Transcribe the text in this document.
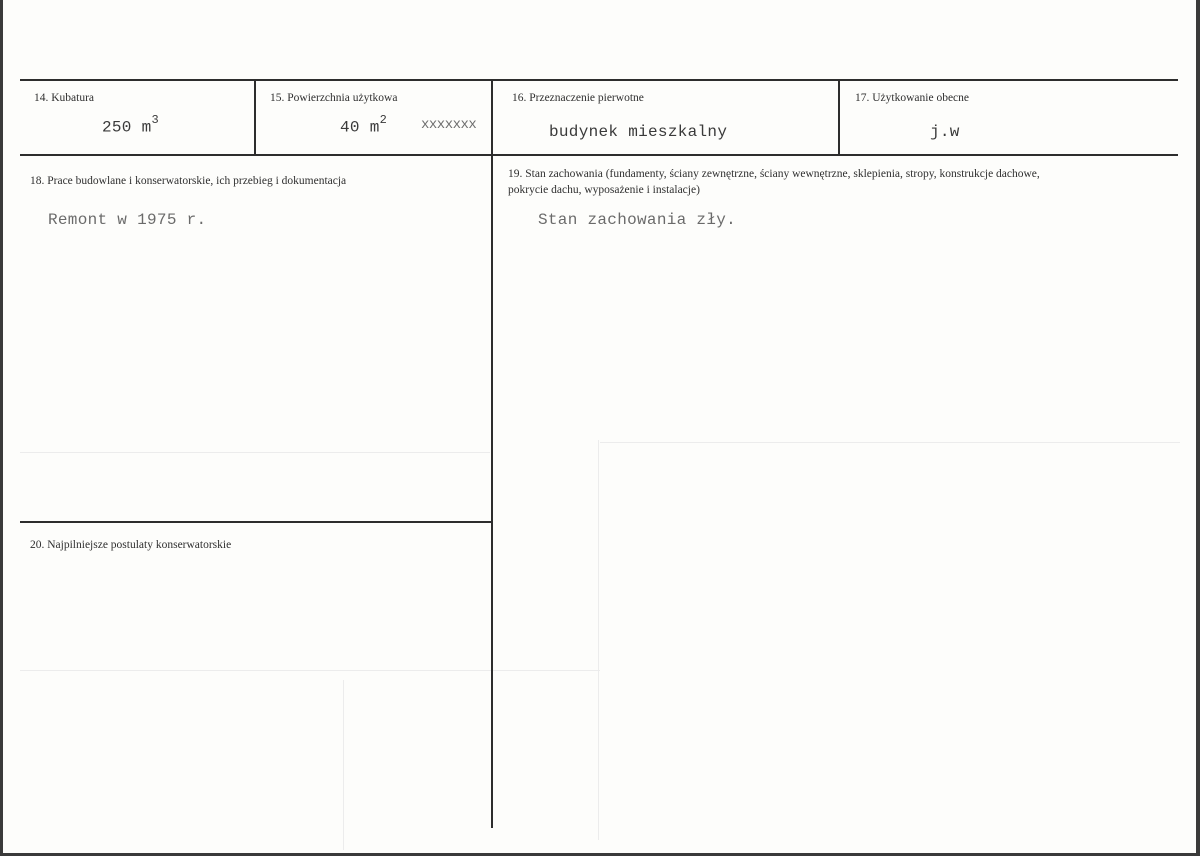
14. Kubatura
250 $m^3$
15. Powierzchnia użytkowa
40 $m^2$ xxxxxxx
16. Przeznaczenie pierwotne
budynek mieszkalny
17. Użytkowanie obecne
j.w
18. Prace budowlane i konserwatorskie, ich przebieg i dokumentacja
Remont w 1975 r.
19. Stan zachowania (fundamenty, ściany zewnętrzne, ściany wewnętrzne, sklepienia, stropy, konstrukcje dachowe, pokrycie dachu, wyposażenie i instalacje)
Stan zachowania zły.
20. Najpilniejsze postulaty konserwatorskie
